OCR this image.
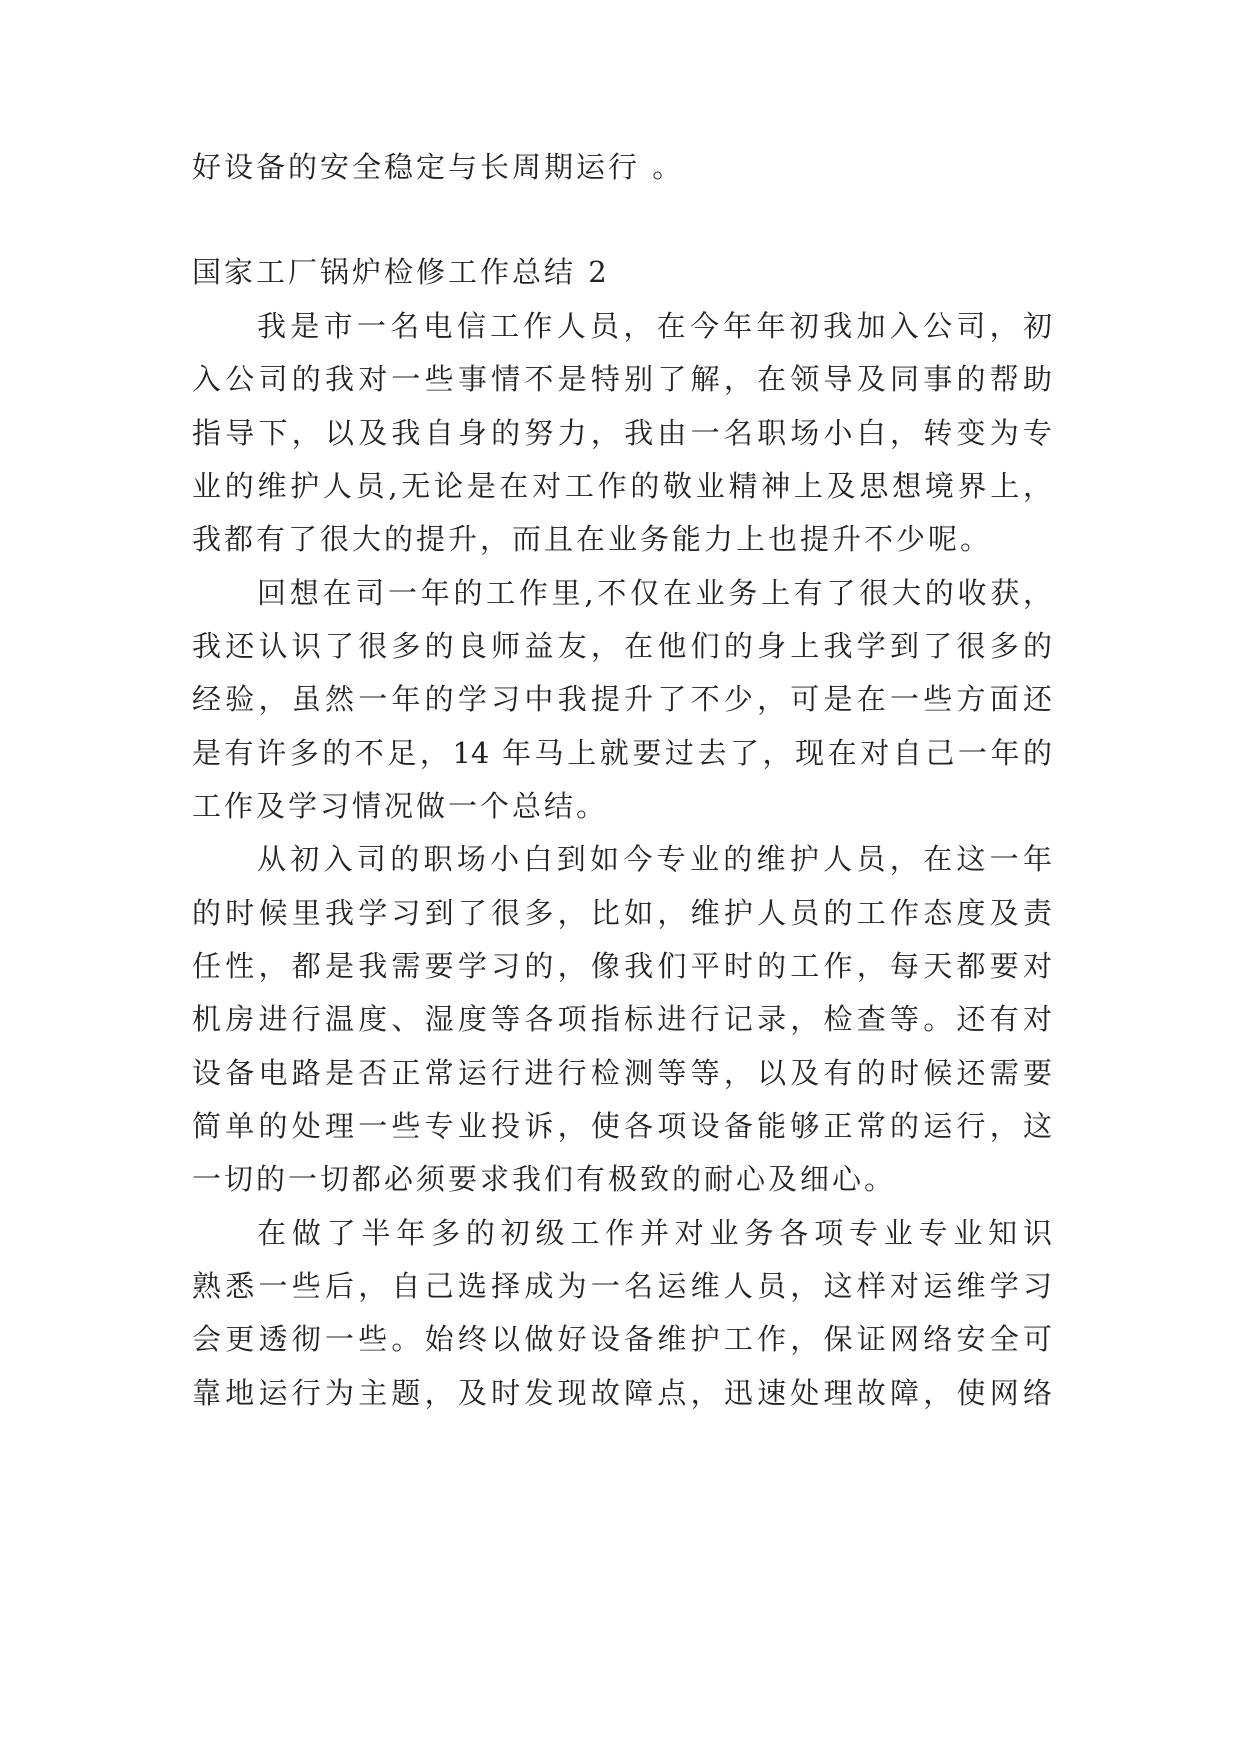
好设备的安全稳定与长周期运行 。
国家工厂锅炉检修工作总结 2
我是市一名电信工作人员，在今年年初我加入公司，初
入公司的我对一些事情不是特别了解，在领导及同事的帮助
指导下，以及我自身的努力，我由一名职场小白，转变为专
业的维护人员,无论是在对工作的敬业精神上及思想境界上，
我都有了很大的提升，而且在业务能力上也提升不少呢。
回想在司一年的工作里,不仅在业务上有了很大的收获，
我还认识了很多的良师益友，在他们的身上我学到了很多的
经验，虽然一年的学习中我提升了不少，可是在一些方面还
是有许多的不足，14 年马上就要过去了，现在对自己一年的
工作及学习情况做一个总结。
从初入司的职场小白到如今专业的维护人员，在这一年
的时候里我学习到了很多，比如，维护人员的工作态度及责
任性，都是我需要学习的，像我们平时的工作，每天都要对
机房进行温度、湿度等各项指标进行记录，检查等。还有对
设备电路是否正常运行进行检测等等，以及有的时候还需要
简单的处理一些专业投诉，使各项设备能够正常的运行，这
一切的一切都必须要求我们有极致的耐心及细心。
在做了半年多的初级工作并对业务各项专业专业知识
熟悉一些后，自己选择成为一名运维人员，这样对运维学习
会更透彻一些。始终以做好设备维护工作，保证网络安全可
靠地运行为主题，及时发现故障点，迅速处理故障，使网络
